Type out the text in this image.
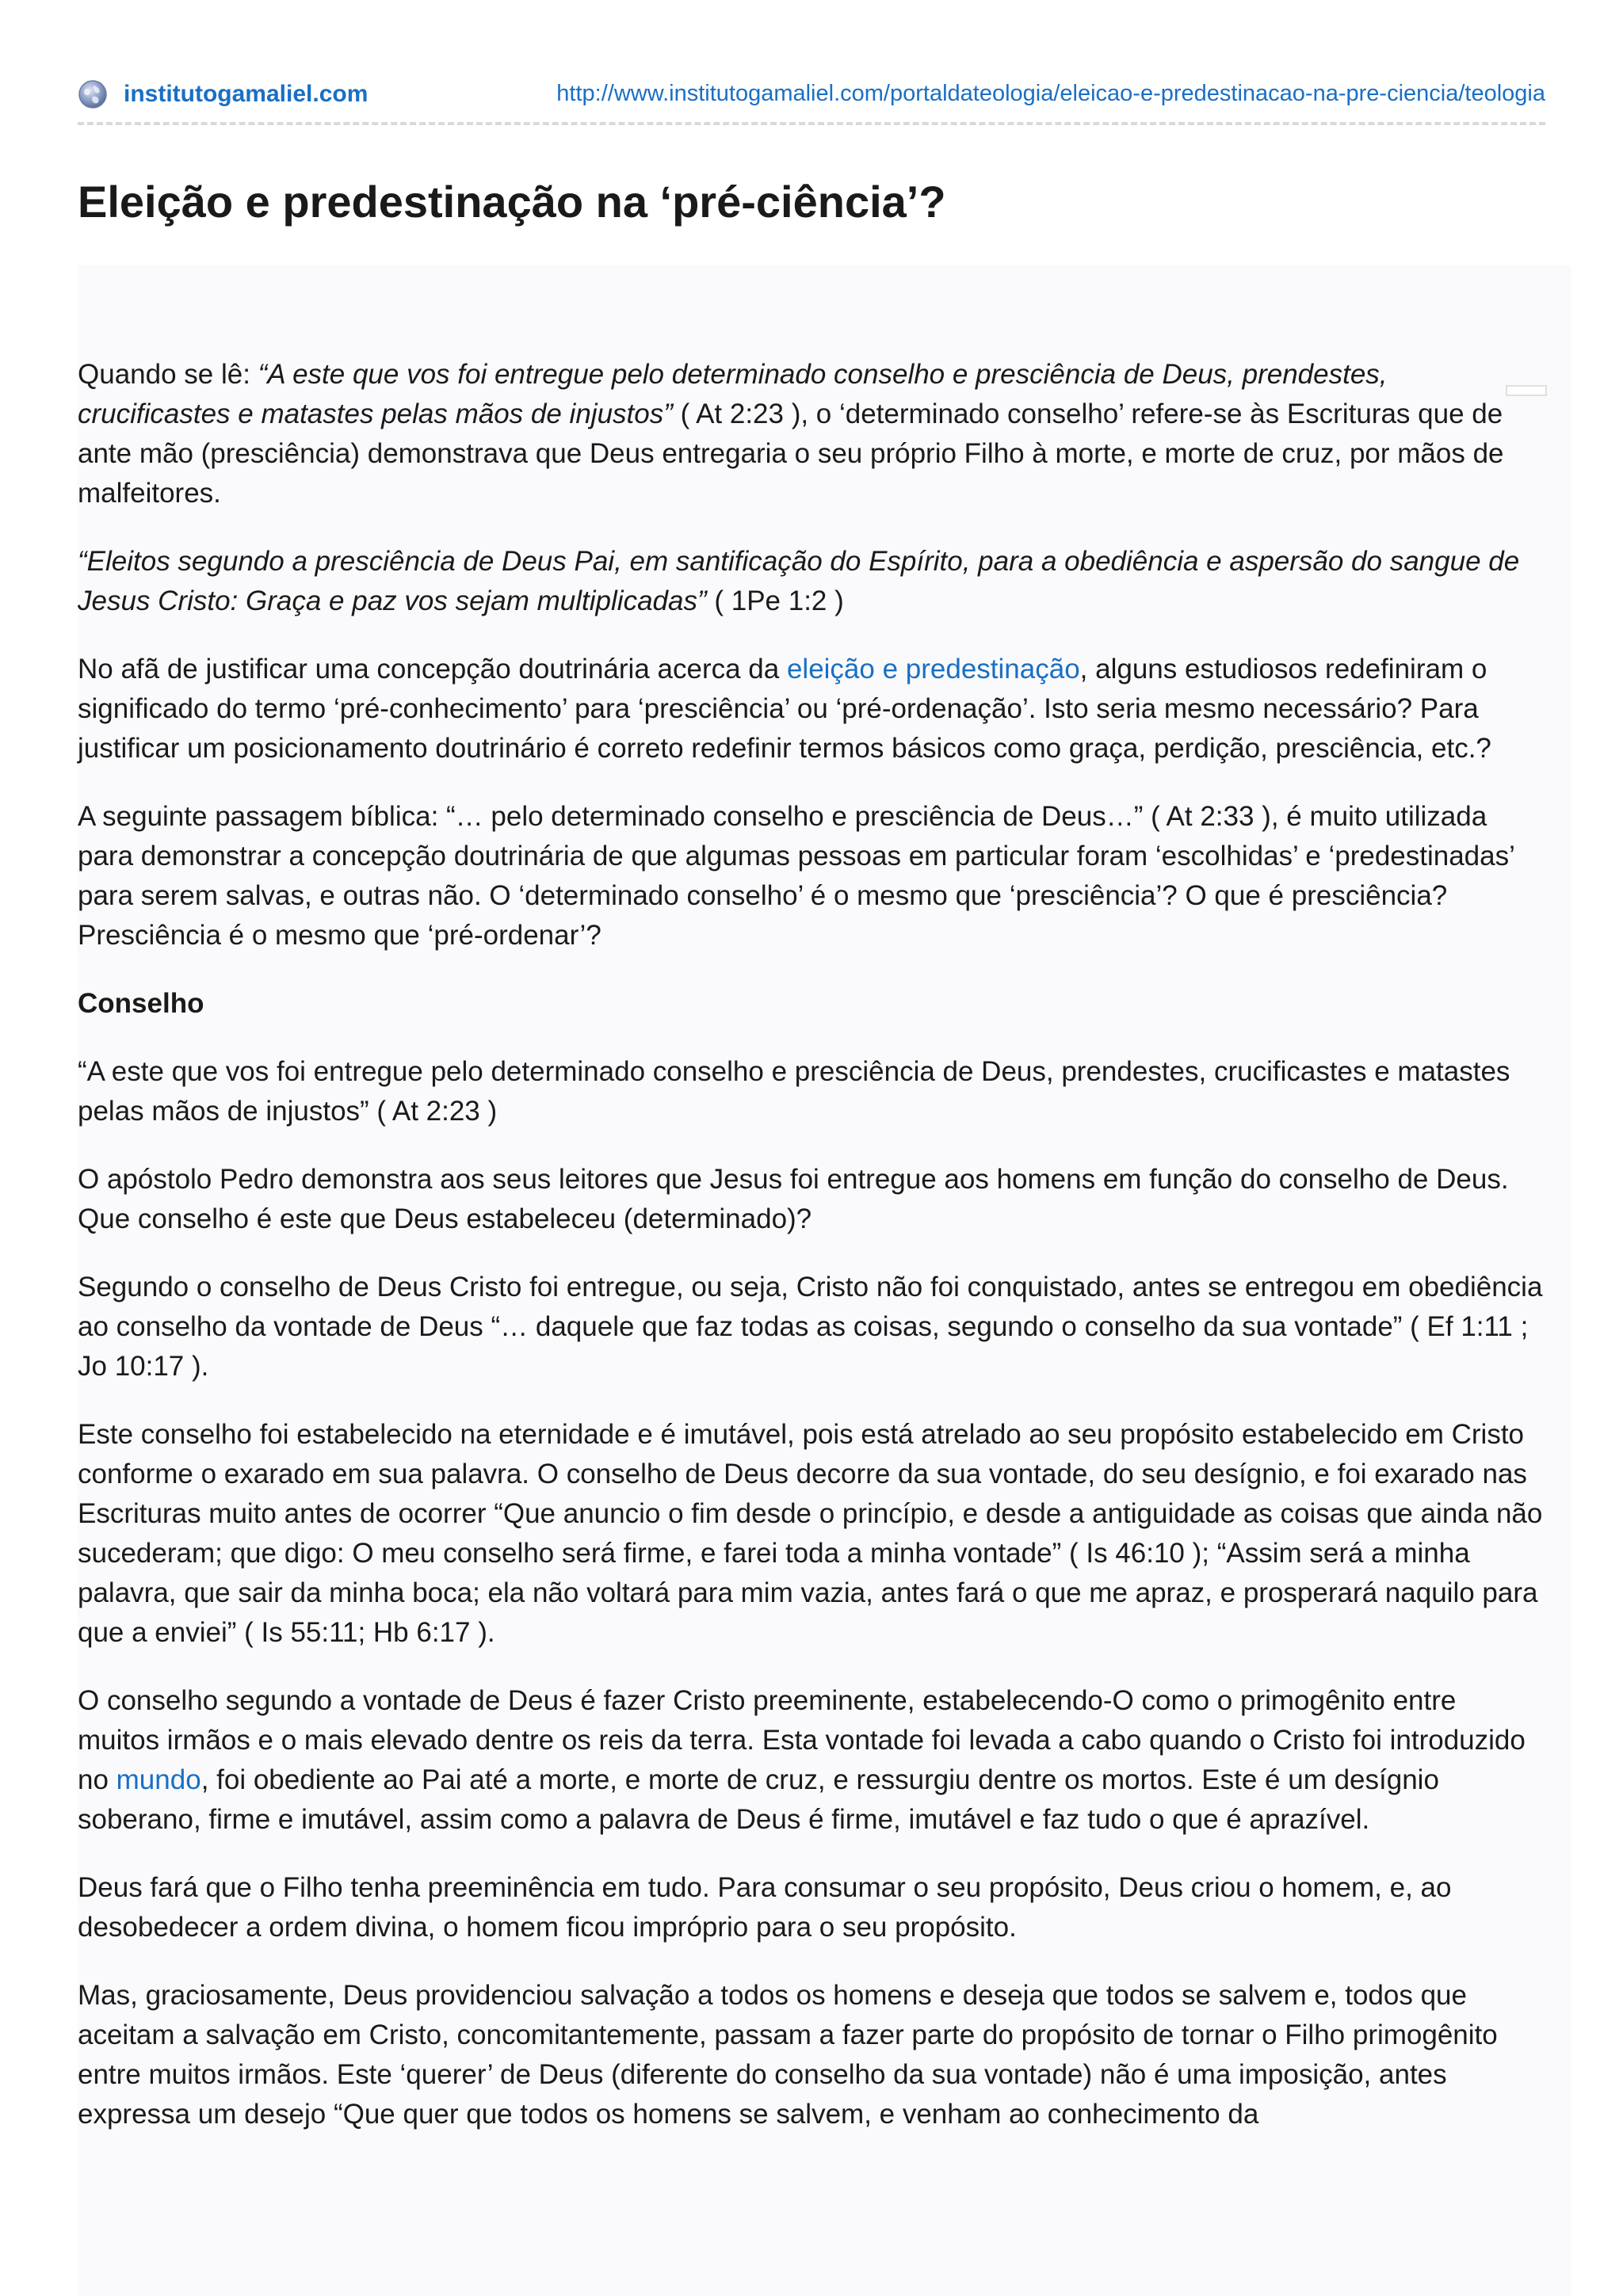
institutogamaliel.com	http://www.institutogamaliel.com/portaldateologia/eleicao-e-predestinacao-na-pre-ciencia/teologia
Eleição e predestinação na ‘pré-ciência’?

Quando se lê: “A este que vos foi entregue pelo determinado conselho e presciência de Deus, prendestes, crucificastes e matastes pelas mãos de injustos” ( At 2:23 ), o ‘determinado conselho’ refere-se às Escrituras que de ante mão (presciência) demonstrava que Deus entregaria o seu próprio Filho à morte, e morte de cruz, por mãos de malfeitores.

“Eleitos segundo a presciência de Deus Pai, em santificação do Espírito, para a obediência e aspersão do sangue de Jesus Cristo: Graça e paz vos sejam multiplicadas” ( 1Pe 1:2 )

No afã de justificar uma concepção doutrinária acerca da eleição e predestinação, alguns estudiosos redefiniram o significado do termo ‘pré-conhecimento’ para ‘presciência’ ou ‘pré-ordenação’. Isto seria mesmo necessário? Para justificar um posicionamento doutrinário é correto redefinir termos básicos como graça, perdição, presciência, etc.?

A seguinte passagem bíblica: “… pelo determinado conselho e presciência de Deus…” ( At 2:33 ), é muito utilizada para demonstrar a concepção doutrinária de que algumas pessoas em particular foram ‘escolhidas’ e ‘predestinadas’ para serem salvas, e outras não. O ‘determinado conselho’ é o mesmo que ‘presciência’? O que é presciência? Presciência é o mesmo que ‘pré-ordenar’?

Conselho

“A este que vos foi entregue pelo determinado conselho e presciência de Deus, prendestes, crucificastes e matastes pelas mãos de injustos” ( At 2:23 )

O apóstolo Pedro demonstra aos seus leitores que Jesus foi entregue aos homens em função do conselho de Deus. Que conselho é este que Deus estabeleceu (determinado)?

Segundo o conselho de Deus Cristo foi entregue, ou seja, Cristo não foi conquistado, antes se entregou em obediência ao conselho da vontade de Deus “… daquele que faz todas as coisas, segundo o conselho da sua vontade” ( Ef 1:11 ; Jo 10:17 ).

Este conselho foi estabelecido na eternidade e é imutável, pois está atrelado ao seu propósito estabelecido em Cristo conforme o exarado em sua palavra. O conselho de Deus decorre da sua vontade, do seu desígnio, e foi exarado nas Escrituras muito antes de ocorrer “Que anuncio o fim desde o princípio, e desde a antiguidade as coisas que ainda não sucederam; que digo: O meu conselho será firme, e farei toda a minha vontade” ( Is 46:10 ); “Assim será a minha palavra, que sair da minha boca; ela não voltará para mim vazia, antes fará o que me apraz, e prosperará naquilo para que a enviei” ( Is 55:11; Hb 6:17 ).

O conselho segundo a vontade de Deus é fazer Cristo preeminente, estabelecendo-O como o primogênito entre muitos irmãos e o mais elevado dentre os reis da terra. Esta vontade foi levada a cabo quando o Cristo foi introduzido no mundo, foi obediente ao Pai até a morte, e morte de cruz, e ressurgiu dentre os mortos. Este é um desígnio soberano, firme e imutável, assim como a palavra de Deus é firme, imutável e faz tudo o que é aprazível.

Deus fará que o Filho tenha preeminência em tudo. Para consumar o seu propósito, Deus criou o homem, e, ao desobedecer a ordem divina, o homem ficou impróprio para o seu propósito.

Mas, graciosamente, Deus providenciou salvação a todos os homens e deseja que todos se salvem e, todos que aceitam a salvação em Cristo, concomitantemente, passam a fazer parte do propósito de tornar o Filho primogênito entre muitos irmãos. Este ‘querer’ de Deus (diferente do conselho da sua vontade) não é uma imposição, antes expressa um desejo “Que quer que todos os homens se salvem, e venham ao conhecimento da
